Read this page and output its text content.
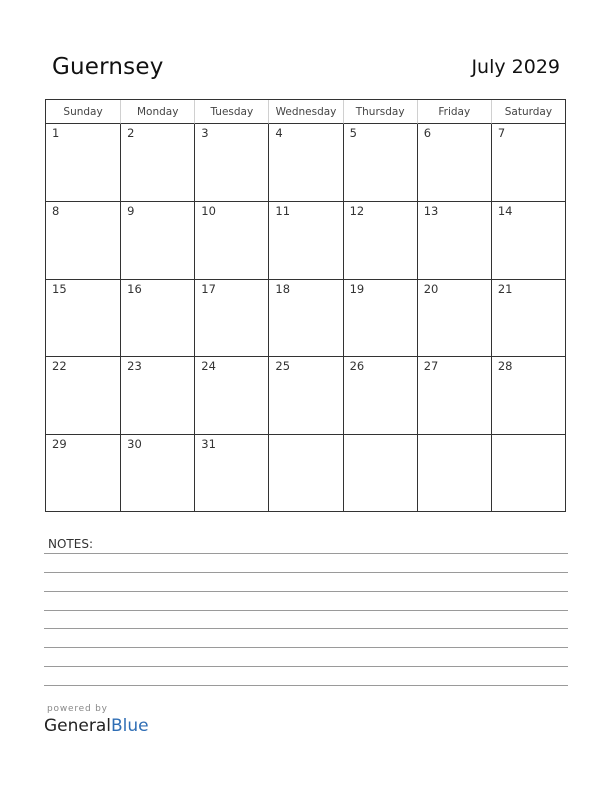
Guernsey	July 2029
Sunday	Monday	Tuesday	Wednesday	Thursday	Friday	Saturday
1	2	3	4	5	6	7
8	9	10	11	12	13	14
15	16	17	18	19	20	21
22	23	24	25	26	27	28
29	30	31
NOTES:
powered by
GeneralBlue
